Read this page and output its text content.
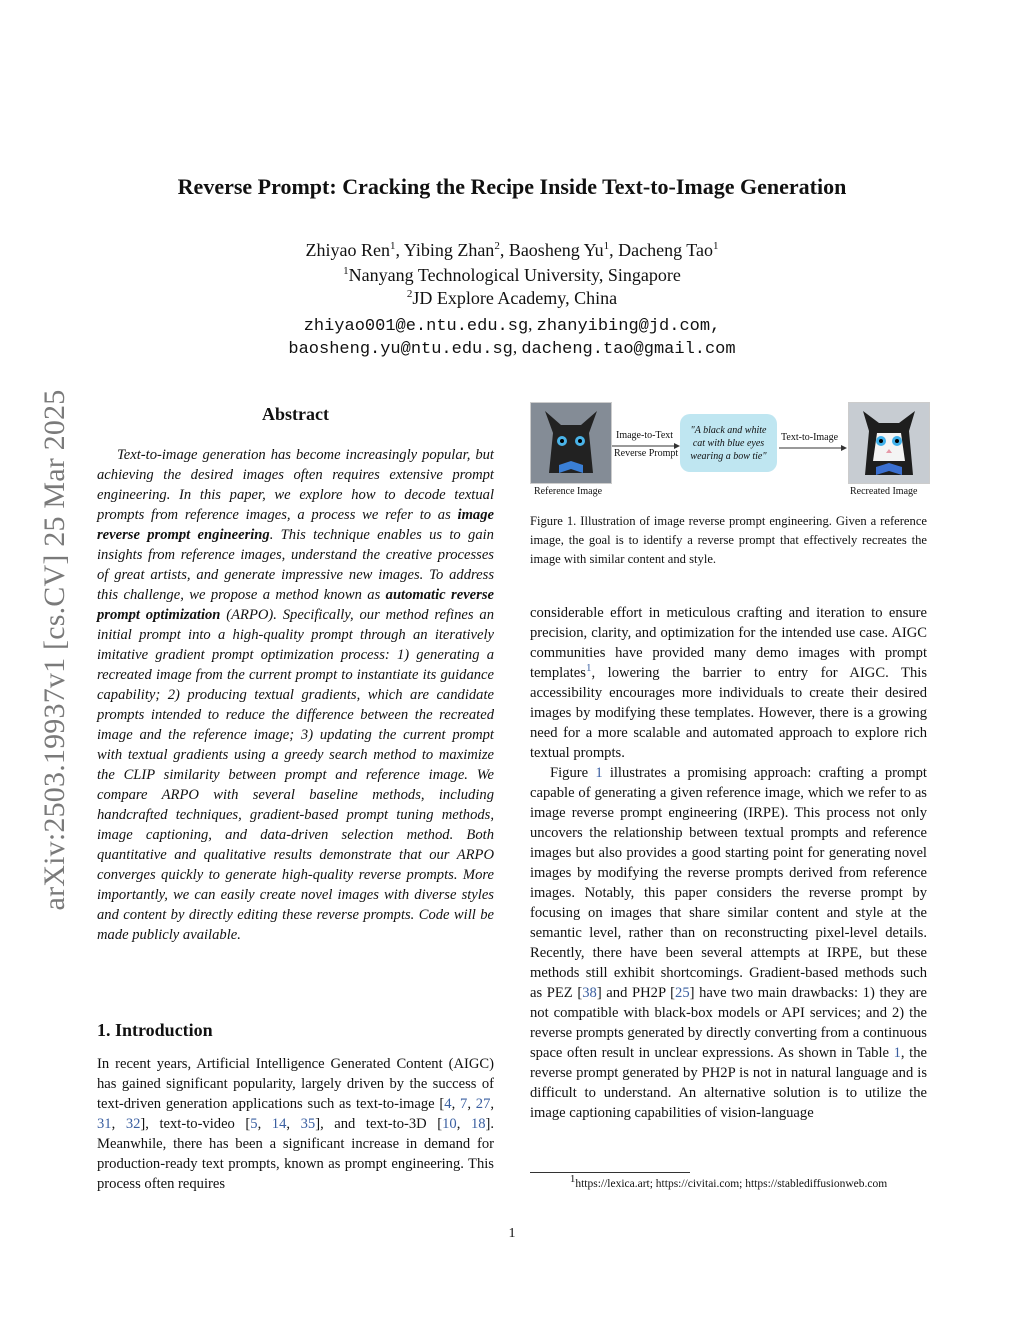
arXiv:2503.19937v1 [cs.CV] 25 Mar 2025
Reverse Prompt: Cracking the Recipe Inside Text-to-Image Generation
Zhiyao Ren$^1$, Yibing Zhan$^2$, Baosheng Yu$^1$, Dacheng Tao$^1$
$^1$Nanyang Technological University, Singapore
$^2$JD Explore Academy, China
zhiyao001@e.ntu.edu.sg, zhanyibing@jd.com,
baosheng.yu@ntu.edu.sg, dacheng.tao@gmail.com
Abstract

Text-to-image generation has become increasingly popular, but achieving the desired images often requires extensive prompt engineering. In this paper, we explore how to decode textual prompts from reference images, a process we refer to as image reverse prompt engineering. This technique enables us to gain insights from reference images, understand the creative processes of great artists, and generate impressive new images. To address this challenge, we propose a method known as automatic reverse prompt optimization (ARPO). Specifically, our method refines an initial prompt into a high-quality prompt through an iteratively imitative gradient prompt optimization process: 1) generating a recreated image from the current prompt to instantiate its guidance capability; 2) producing textual gradients, which are candidate prompts intended to reduce the difference between the recreated image and the reference image; 3) updating the current prompt with textual gradients using a greedy search method to maximize the CLIP similarity between prompt and reference image. We compare ARPO with several baseline methods, including handcrafted techniques, gradient-based prompt tuning methods, image captioning, and data-driven selection method. Both quantitative and qualitative results demonstrate that our ARPO converges quickly to generate high-quality reverse prompts. More importantly, we can easily create novel images with diverse styles and content by directly editing these reverse prompts. Code will be made publicly available.

1. Introduction

In recent years, Artificial Intelligence Generated Content (AIGC) has gained significant popularity, largely driven by the success of text-driven generation applications such as text-to-image [4, 7, 27, 31, 32], text-to-video [5, 14, 35], and text-to-3D [10, 18]. Meanwhile, there has been a significant increase in demand for production-ready text prompts, known as prompt engineering. This process often requires

Reference Image
Image-to-Text
Reverse Prompt
"A black and white cat with blue eyes wearing a bow tie"
Text-to-Image
Recreated Image
Figure 1. Illustration of image reverse prompt engineering. Given a reference image, the goal is to identify a reverse prompt that effectively recreates the image with similar content and style.

considerable effort in meticulous crafting and iteration to ensure precision, clarity, and optimization for the intended use case. AIGC communities have provided many demo images with prompt templates$^1$, lowering the barrier to entry for AIGC. This accessibility encourages more individuals to create their desired images by modifying these templates. However, there is a growing need for a more scalable and automated approach to explore rich textual prompts.

Figure 1 illustrates a promising approach: crafting a prompt capable of generating a given reference image, which we refer to as image reverse prompt engineering (IRPE). This process not only uncovers the relationship between textual prompts and reference images but also provides a good starting point for generating novel images by modifying the reverse prompts derived from reference images. Notably, this paper considers the reverse prompt by focusing on images that share similar content and style at the semantic level, rather than on reconstructing pixel-level details. Recently, there have been several attempts at IRPE, but these methods still exhibit shortcomings. Gradient-based methods such as PEZ [38] and PH2P [25] have two main drawbacks: 1) they are not compatible with black-box models or API services; and 2) the reverse prompts generated by directly converting from a continuous space often result in unclear expressions. As shown in Table 1, the reverse prompt generated by PH2P is not in natural language and is difficult to understand. An alternative solution is to utilize the image captioning capabilities of vision-language

$^1$https://lexica.art; https://civitai.com; https://stablediffusionweb.com
1
